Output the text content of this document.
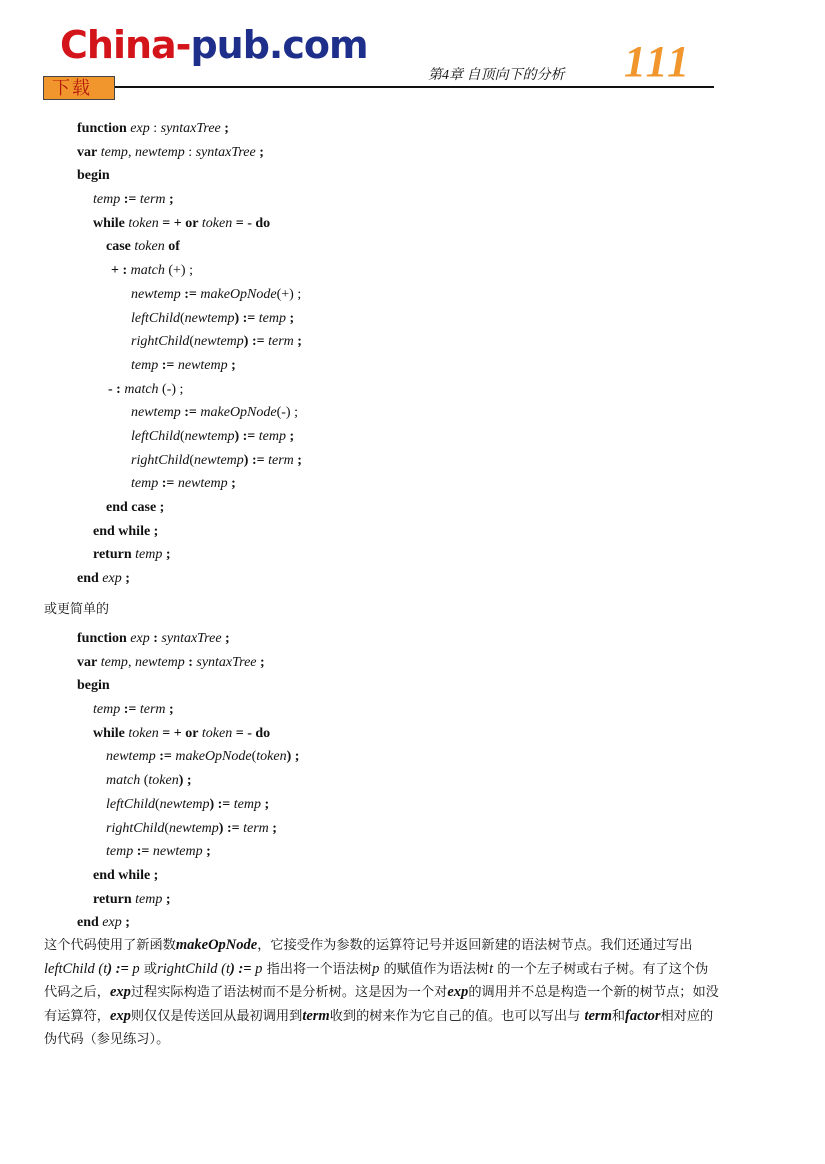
China-pub.com
下载
第4章 自顶向下的分析 111
function exp : syntaxTree ;
var temp, newtemp : syntaxTree ;
begin
temp := term ;
while token = + or token = - do
case token of
+ : match (+) ;
newtemp := makeOpNode(+) ;
leftChild(newtemp) := temp ;
rightChild(newtemp) := term ;
temp := newtemp ;
- : match (-) ;
newtemp := makeOpNode(-) ;
leftChild(newtemp) := temp ;
rightChild(newtemp) := term ;
temp := newtemp ;
end case ;
end while ;
return temp ;
end exp ;
或更简单的
function exp : syntaxTree ;
var temp, newtemp : syntaxTree ;
begin
temp := term ;
while token = + or token = - do
newtemp := makeOpNode(token) ;
match (token) ;
leftChild(newtemp) := temp ;
rightChild(newtemp) := term ;
temp := newtemp ;
end while ;
return temp ;
end exp ;
这个代码使用了新函数makeOpNode，它接受作为参数的运算符记号并返回新建的语法树节点。我们还通过写出leftChild (t) := p 或rightChild (t) := p 指出将一个语法树p 的赋值作为语法树t 的一个左子树或右子树。有了这个伪代码之后，exp过程实际构造了语法树而不是分析树。这是因为一个对exp的调用并不总是构造一个新的树节点；如没有运算符，exp则仅仅是传送回从最初调用到term收到的树来作为它自己的值。也可以写出与 term和factor相对应的伪代码（参见练习）。
